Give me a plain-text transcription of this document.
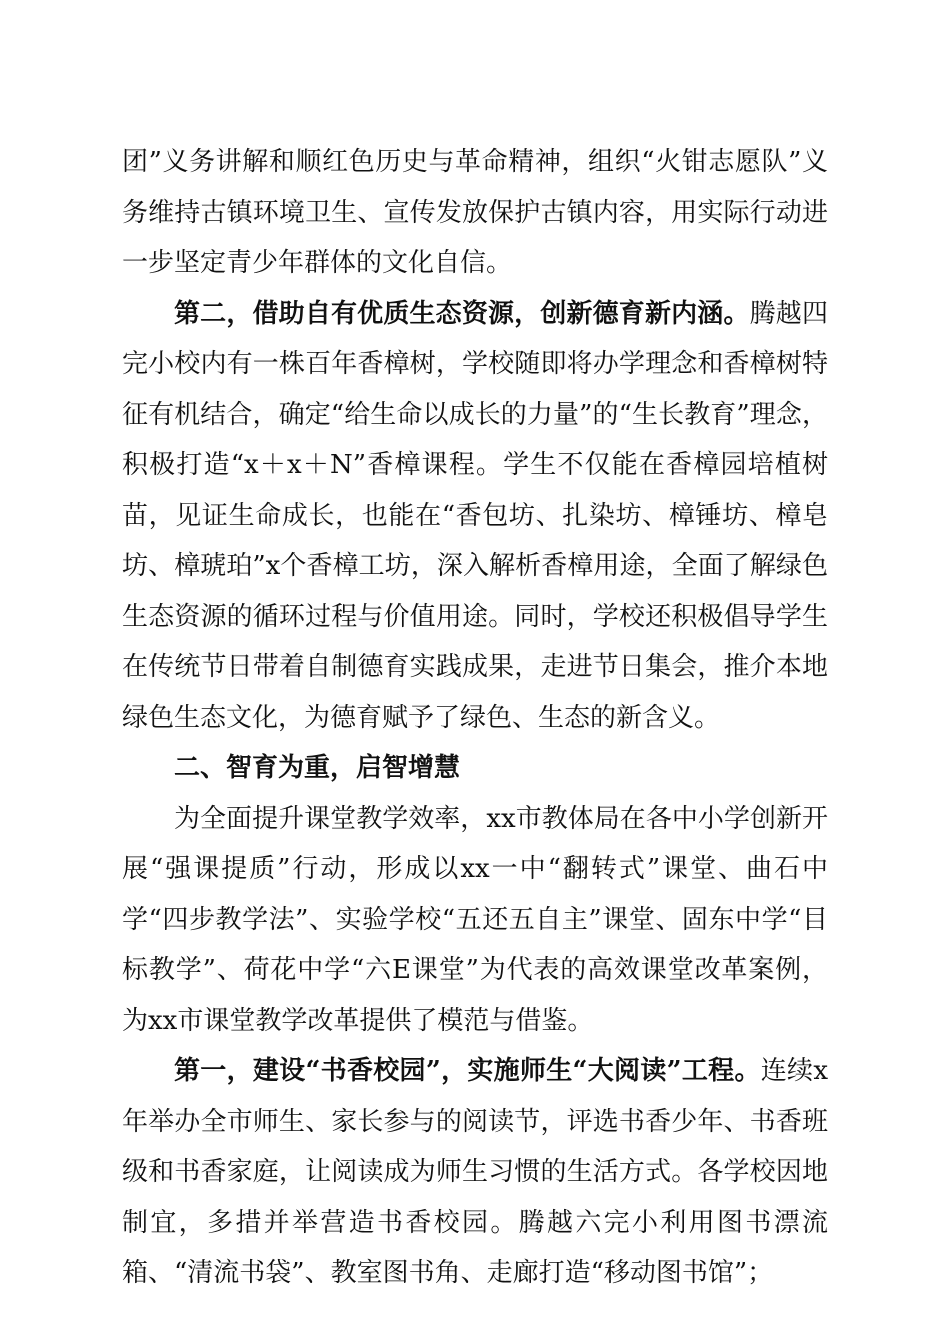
团”义务讲解和顺红色历史与革命精神，组织“火钳志愿队”义务维持古镇环境卫生、宣传发放保护古镇内容，用实际行动进一步坚定青少年群体的文化自信。

第二，借助自有优质生态资源，创新德育新内涵。腾越四完小校内有一株百年香樟树，学校随即将办学理念和香樟树特征有机结合，确定“给生命以成长的力量”的“生长教育”理念，积极打造“x＋x＋N”香樟课程。学生不仅能在香樟园培植树苗，见证生命成长，也能在“香包坊、扎染坊、樟锤坊、樟皂坊、樟琥珀”x个香樟工坊，深入解析香樟用途，全面了解绿色生态资源的循环过程与价值用途。同时，学校还积极倡导学生在传统节日带着自制德育实践成果，走进节日集会，推介本地绿色生态文化，为德育赋予了绿色、生态的新含义。

二、智育为重，启智增慧

为全面提升课堂教学效率，xx市教体局在各中小学创新开展“强课提质”行动，形成以xx一中“翻转式”课堂、曲石中学“四步教学法”、实验学校“五还五自主”课堂、固东中学“目标教学”、荷花中学“六E课堂”为代表的高效课堂改革案例，为xx市课堂教学改革提供了模范与借鉴。

第一，建设“书香校园”，实施师生“大阅读”工程。连续x年举办全市师生、家长参与的阅读节，评选书香少年、书香班级和书香家庭，让阅读成为师生习惯的生活方式。各学校因地制宜，多措并举营造书香校园。腾越六完小利用图书漂流箱、“清流书袋”、教室图书角、走廊打造“移动图书馆”；
